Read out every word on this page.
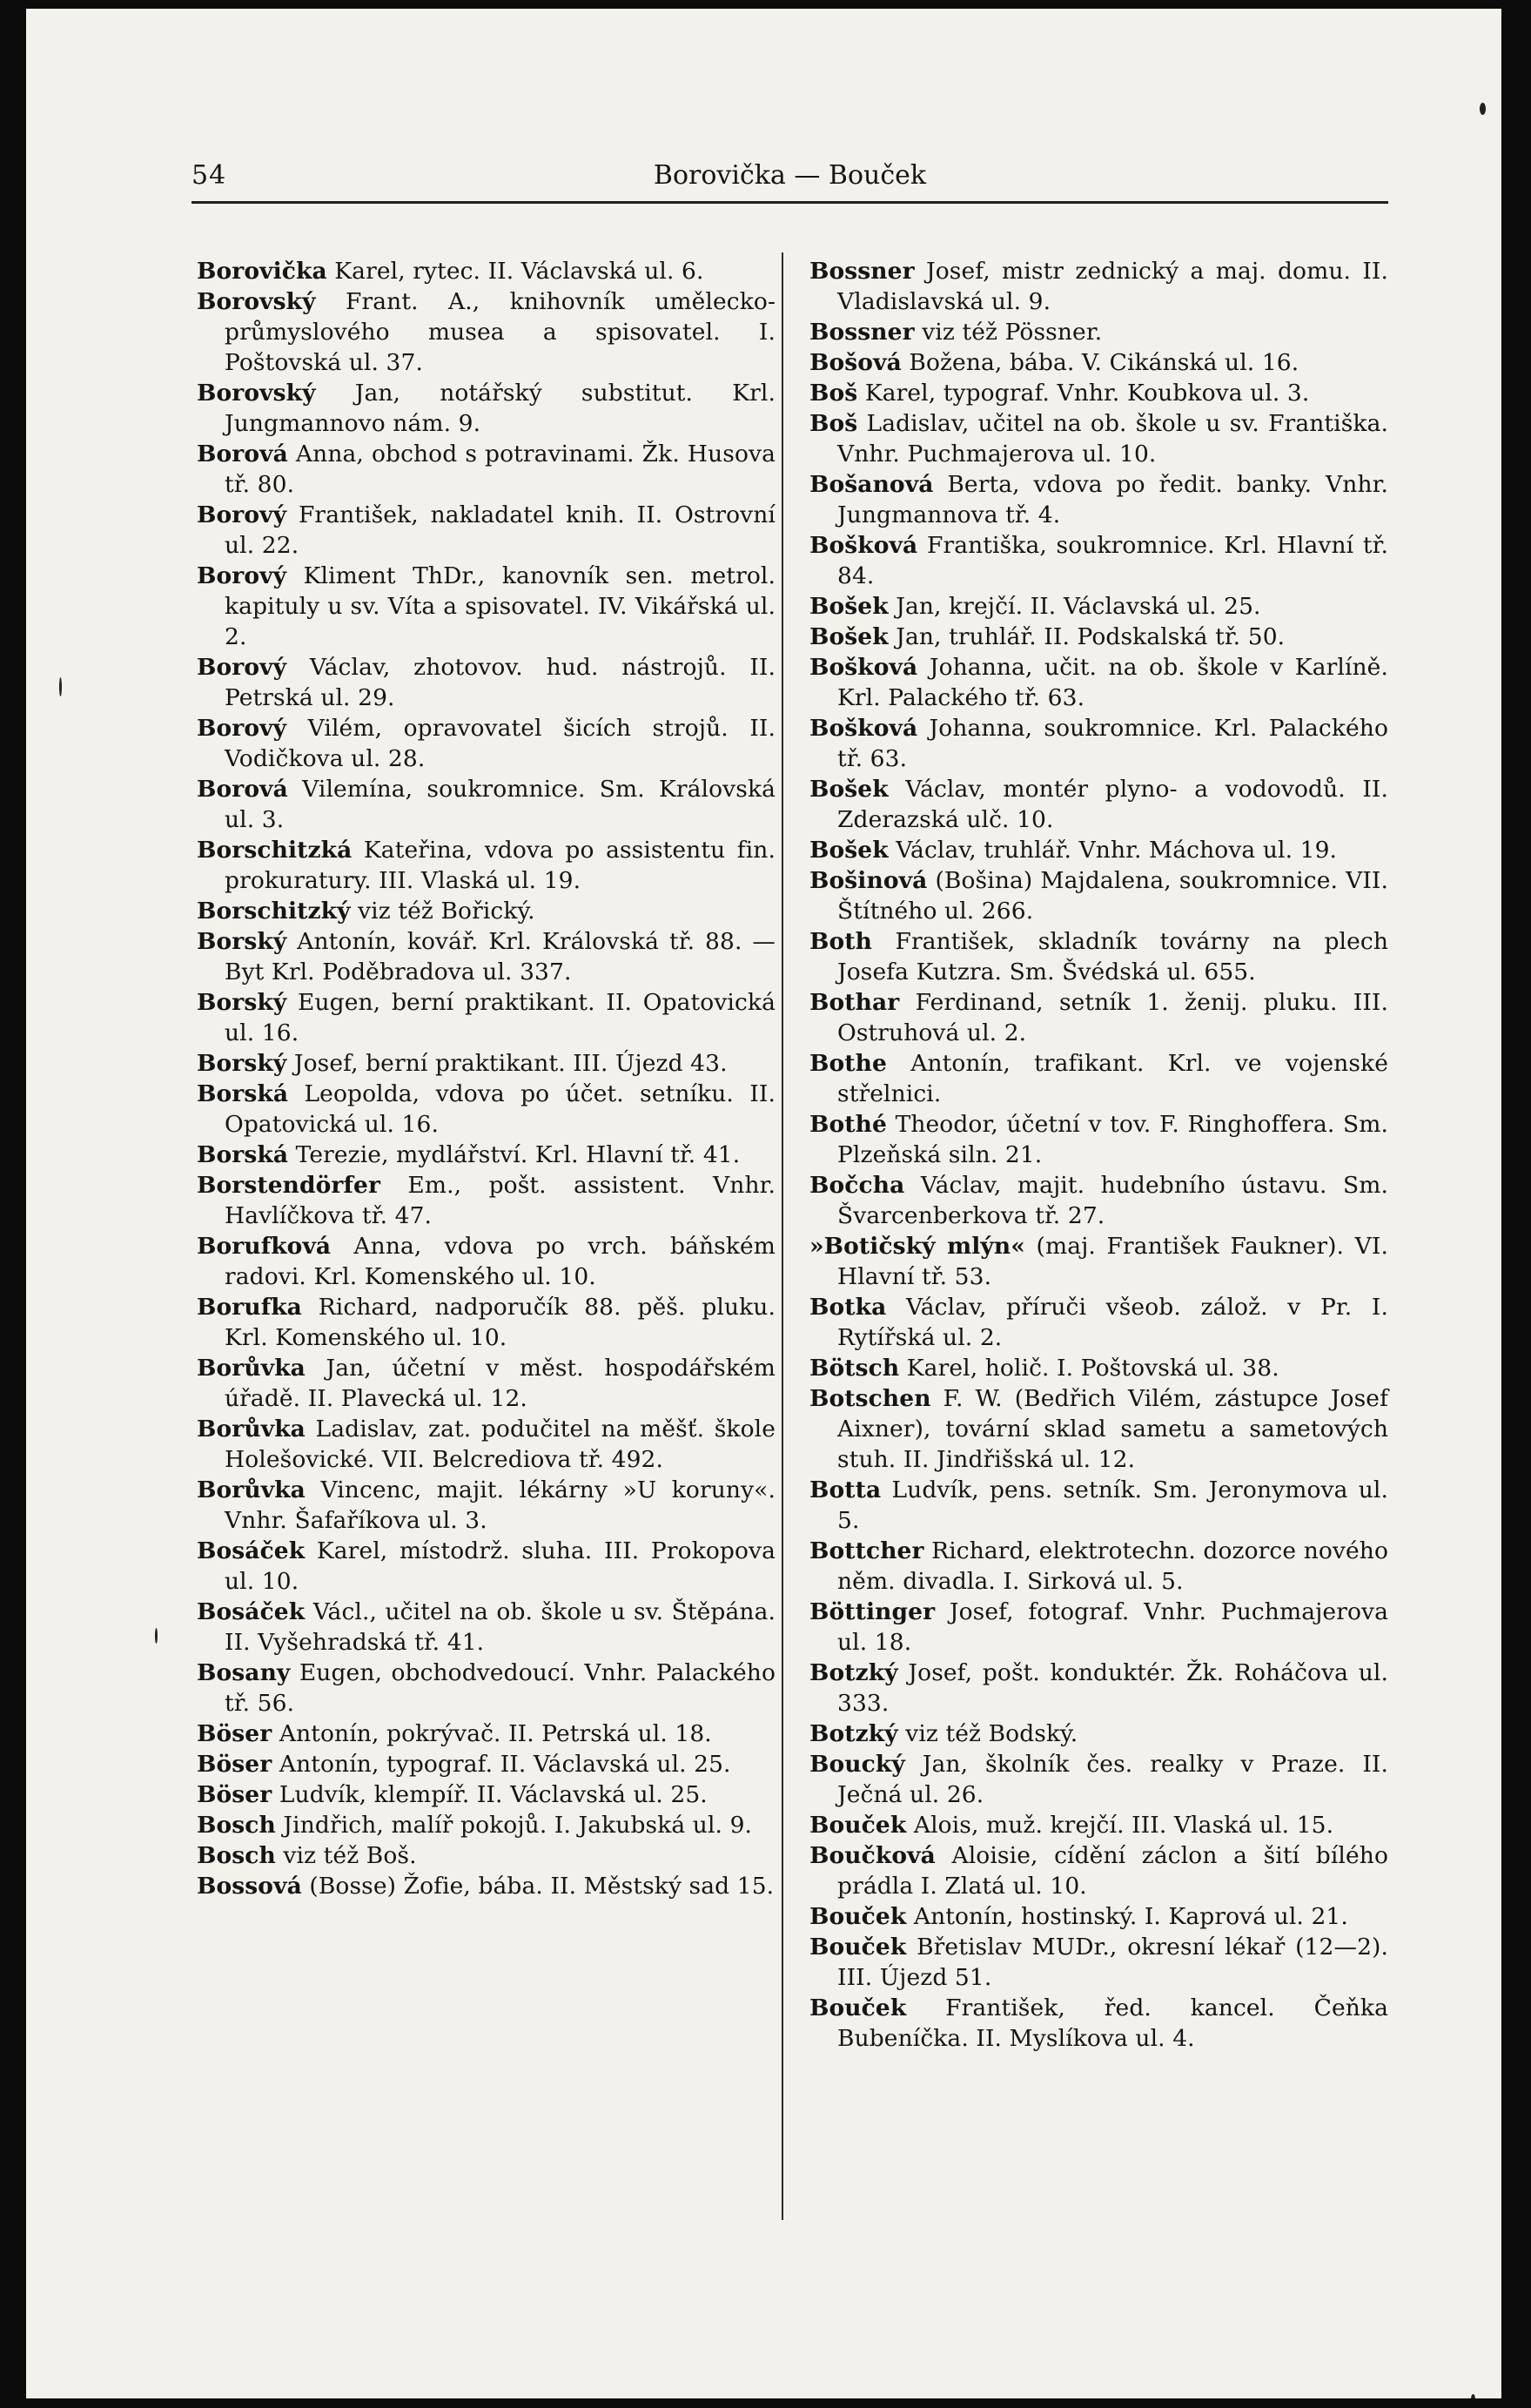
54	Borovička — Bouček

Borovička Karel, rytec. II. Václavská ul. 6.

Borovský Frant. A., knihovník umělecko-průmyslového musea a spisovatel. I. Poštovská ul. 37.

Borovský Jan, notářský substitut. Krl. Jungmannovo nám. 9.

Borová Anna, obchod s potravinami. Žk. Husova tř. 80.

Borový František, nakladatel knih. II. Ostrovní ul. 22.

Borový Kliment ThDr., kanovník sen. metrol. kapituly u sv. Víta a spisovatel. IV. Vikářská ul. 2.

Borový Václav, zhotovov. hud. nástrojů. II. Petrská ul. 29.

Borový Vilém, opravovatel šicích strojů. II. Vodičkova ul. 28.

Borová Vilemína, soukromnice. Sm. Královská ul. 3.

Borschitzká Kateřina, vdova po assistentu fin. prokuratury. III. Vlaská ul. 19.

Borschitzký viz též Bořický.

Borský Antonín, kovář. Krl. Královská tř. 88. — Byt Krl. Poděbradova ul. 337.

Borský Eugen, berní praktikant. II. Opatovická ul. 16.

Borský Josef, berní praktikant. III. Újezd 43.

Borská Leopolda, vdova po účet. setníku. II. Opatovická ul. 16.

Borská Terezie, mydlářství. Krl. Hlavní tř. 41.

Borstendörfer Em., pošt. assistent. Vnhr. Havlíčkova tř. 47.

Borufková Anna, vdova po vrch. báňském radovi. Krl. Komenského ul. 10.

Borufka Richard, nadporučík 88. pěš. pluku. Krl. Komenského ul. 10.

Borůvka Jan, účetní v měst. hospodářském úřadě. II. Plavecká ul. 12.

Borůvka Ladislav, zat. podučitel na měšť. škole Holešovické. VII. Belcrediova tř. 492.

Borůvka Vincenc, majit. lékárny »U koruny«. Vnhr. Šafaříkova ul. 3.

Bosáček Karel, místodrž. sluha. III. Prokopova ul. 10.

Bosáček Václ., učitel na ob. škole u sv. Štěpána. II. Vyšehradská tř. 41.

Bosany Eugen, obchodvedoucí. Vnhr. Palackého tř. 56.

Böser Antonín, pokrývač. II. Petrská ul. 18.

Böser Antonín, typograf. II. Václavská ul. 25.

Böser Ludvík, klempíř. II. Václavská ul. 25.

Bosch Jindřich, malíř pokojů. I. Jakubská ul. 9.

Bosch viz též Boš.

Bossová (Bosse) Žofie, bába. II. Městský sad 15.

Bossner Josef, mistr zednický a maj. domu. II. Vladislavská ul. 9.

Bossner viz též Pössner.

Bošová Božena, bába. V. Cikánská ul. 16.

Boš Karel, typograf. Vnhr. Koubkova ul. 3.

Boš Ladislav, učitel na ob. škole u sv. Františka. Vnhr. Puchmajerova ul. 10.

Bošanová Berta, vdova po ředit. banky. Vnhr. Jungmannova tř. 4.

Bošková Františka, soukromnice. Krl. Hlavní tř. 84.

Bošek Jan, krejčí. II. Václavská ul. 25.

Bošek Jan, truhlář. II. Podskalská tř. 50.

Bošková Johanna, učit. na ob. škole v Karlíně. Krl. Palackého tř. 63.

Bošková Johanna, soukromnice. Krl. Palackého tř. 63.

Bošek Václav, montér plyno- a vodovodů. II. Zderazská ulč. 10.

Bošek Václav, truhlář. Vnhr. Máchova ul. 19.

Bošinová (Bošina) Majdalena, soukromnice. VII. Štítného ul. 266.

Both František, skladník továrny na plech Josefa Kutzra. Sm. Švédská ul. 655.

Bothar Ferdinand, setník 1. ženij. pluku. III. Ostruhová ul. 2.

Bothe Antonín, trafikant. Krl. ve vojenské střelnici.

Bothé Theodor, účetní v tov. F. Ringhoffera. Sm. Plzeňská siln. 21.

Bočcha Václav, majit. hudebního ústavu. Sm. Švarcenberkova tř. 27.

»Botičský mlýn« (maj. František Faukner). VI. Hlavní tř. 53.

Botka Václav, příruči všeob. zálož. v Pr. I. Rytířská ul. 2.

Bötsch Karel, holič. I. Poštovská ul. 38.

Botschen F. W. (Bedřich Vilém, zástupce Josef Aixner), tovární sklad sametu a sametových stuh. II. Jindřišská ul. 12.

Botta Ludvík, pens. setník. Sm. Jeronymova ul. 5.

Bottcher Richard, elektrotechn. dozorce nového něm. divadla. I. Sirková ul. 5.

Böttinger Josef, fotograf. Vnhr. Puchmajerova ul. 18.

Botzký Josef, pošt. konduktér. Žk. Roháčova ul. 333.

Botzký viz též Bodský.

Boucký Jan, školník čes. realky v Praze. II. Ječná ul. 26.

Bouček Alois, muž. krejčí. III. Vlaská ul. 15.

Boučková Aloisie, cídění záclon a šití bílého prádla I. Zlatá ul. 10.

Bouček Antonín, hostinský. I. Kaprová ul. 21.

Bouček Břetislav MUDr., okresní lékař (12—2). III. Újezd 51.

Bouček František, řed. kancel. Čeňka Bubeníčka. II. Myslíkova ul. 4.
